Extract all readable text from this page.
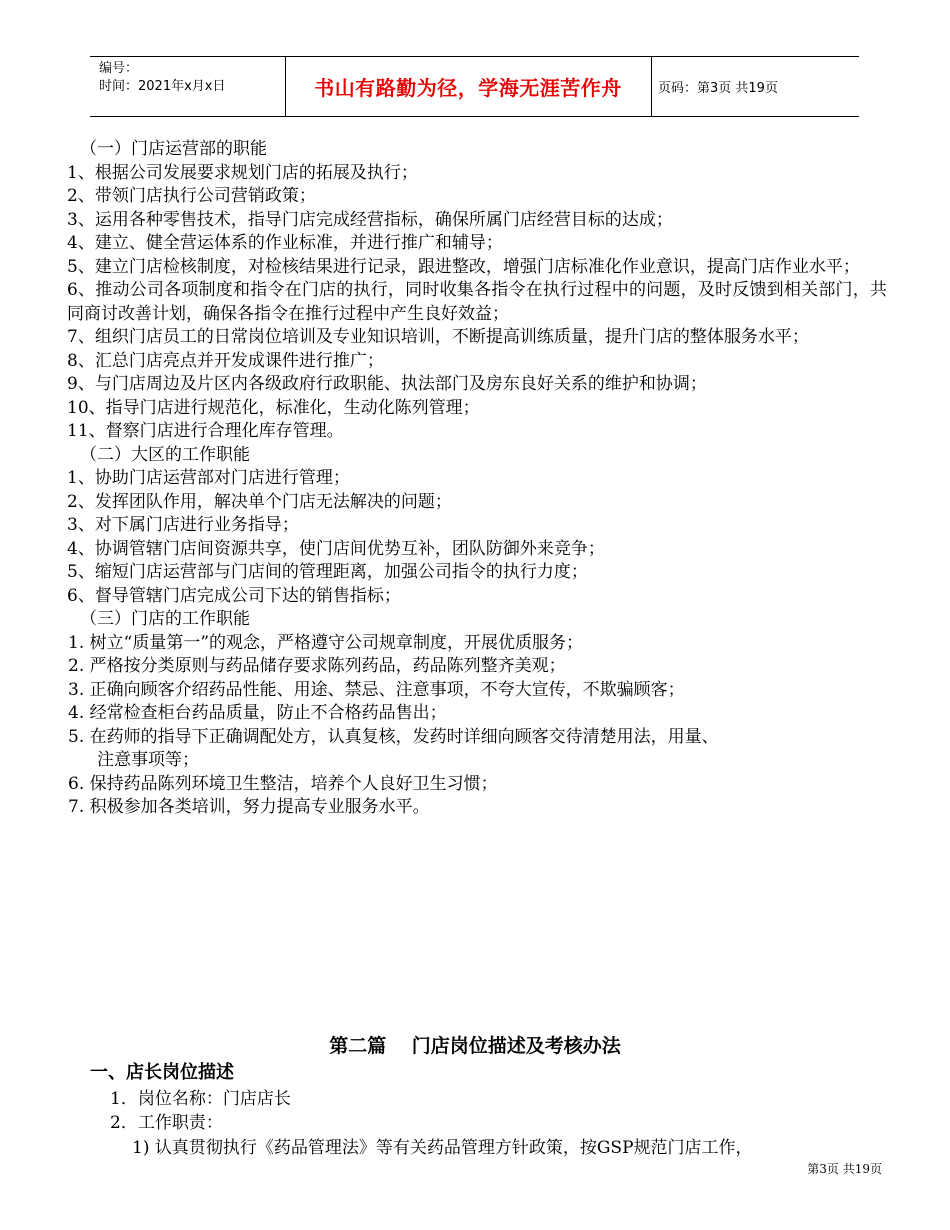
编号：
时间：2021年x月x日	书山有路勤为径，学海无涯苦作舟	页码：第3页 共19页
（一）门店运营部的职能
1、根据公司发展要求规划门店的拓展及执行；
2、带领门店执行公司营销政策；
3、运用各种零售技术，指导门店完成经营指标，确保所属门店经营目标的达成；
4、建立、健全营运体系的作业标准，并进行推广和辅导；
5、建立门店检核制度，对检核结果进行记录，跟进整改，增强门店标准化作业意识，提高门店作业水平；
6、推动公司各项制度和指令在门店的执行，同时收集各指令在执行过程中的问题，及时反馈到相关部门，共同商讨改善计划，确保各指令在推行过程中产生良好效益；
7、组织门店员工的日常岗位培训及专业知识培训，不断提高训练质量，提升门店的整体服务水平；
8、汇总门店亮点并开发成课件进行推广；
9、与门店周边及片区内各级政府行政职能、执法部门及房东良好关系的维护和协调；
10、指导门店进行规范化，标准化，生动化陈列管理；
11、督察门店进行合理化库存管理。
（二）大区的工作职能
1、协助门店运营部对门店进行管理；
2、发挥团队作用，解决单个门店无法解决的问题；
3、对下属门店进行业务指导；
4、协调管辖门店间资源共享，使门店间优势互补，团队防御外来竞争；
5、缩短门店运营部与门店间的管理距离，加强公司指令的执行力度；
6、督导管辖门店完成公司下达的销售指标；
（三）门店的工作职能
1. 树立“质量第一”的观念，严格遵守公司规章制度，开展优质服务；
2. 严格按分类原则与药品储存要求陈列药品，药品陈列整齐美观；
3. 正确向顾客介绍药品性能、用途、禁忌、注意事项，不夸大宣传，不欺骗顾客；
4. 经常检查柜台药品质量，防止不合格药品售出；
5. 在药师的指导下正确调配处方，认真复核，发药时详细向顾客交待清楚用法，用量、
注意事项等；
6. 保持药品陈列环境卫生整洁，培养个人良好卫生习惯；
7. 积极参加各类培训，努力提高专业服务水平。
第二篇　 门店岗位描述及考核办法
一、店长岗位描述
1．岗位名称：门店店长
2．工作职责：
1) 认真贯彻执行《药品管理法》等有关药品管理方针政策，按GSP规范门店工作，
第3页 共19页
